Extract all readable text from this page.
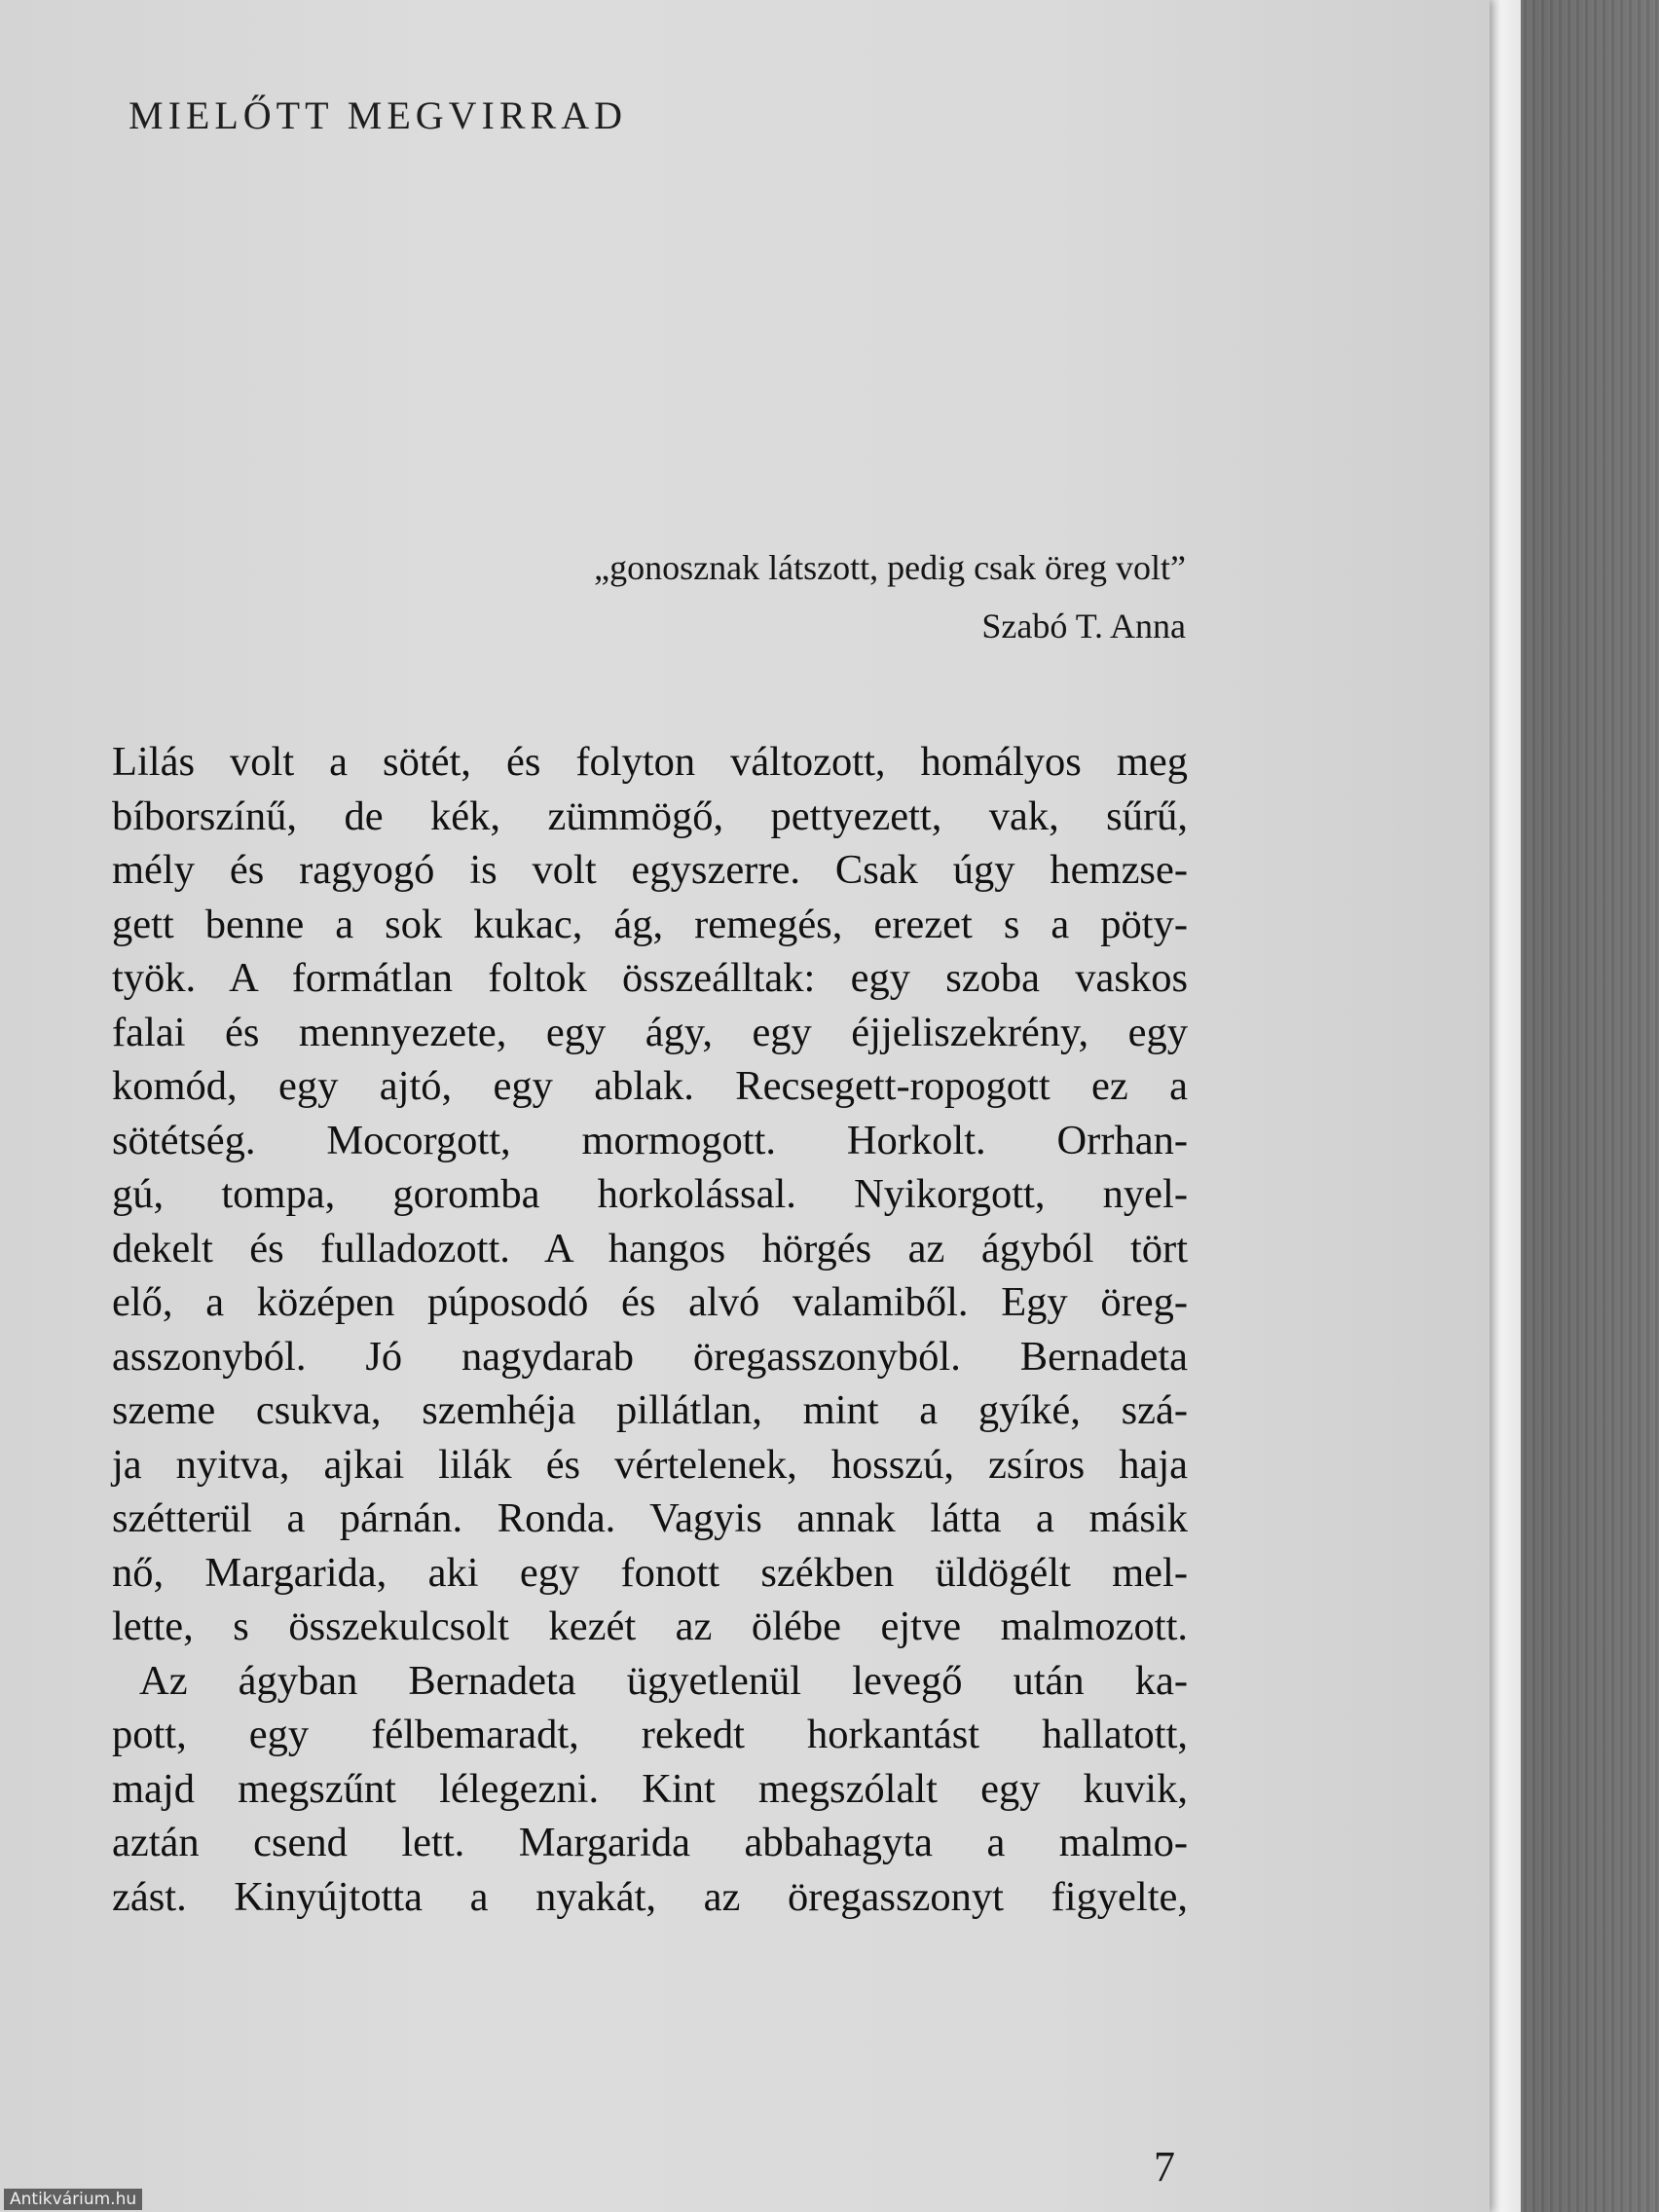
MIELŐTT MEGVIRRAD
„gonosznak látszott, pedig csak öreg volt”
Szabó T. Anna
Lilás volt a sötét, és folyton változott, homályos meg
bíborszínű, de kék, zümmögő, pettyezett, vak, sűrű,
mély és ragyogó is volt egyszerre. Csak úgy hemzse-
gett benne a sok kukac, ág, remegés, erezet s a pöty-
työk. A formátlan foltok összeálltak: egy szoba vaskos
falai és mennyezete, egy ágy, egy éjjeliszekrény, egy
komód, egy ajtó, egy ablak. Recsegett-ropogott ez a
sötétség. Mocorgott, mormogott. Horkolt. Orrhan-
gú, tompa, goromba horkolással. Nyikorgott, nyel-
dekelt és fulladozott. A hangos hörgés az ágyból tört
elő, a középen púposodó és alvó valamiből. Egy öreg-
asszonyból. Jó nagydarab öregasszonyból. Bernadeta
szeme csukva, szemhéja pillátlan, mint a gyíké, szá-
ja nyitva, ajkai lilák és vértelenek, hosszú, zsíros haja
szétterül a párnán. Ronda. Vagyis annak látta a másik
nő, Margarida, aki egy fonott székben üldögélt mel-
lette, s összekulcsolt kezét az ölébe ejtve malmozott.
Az ágyban Bernadeta ügyetlenül levegő után ka-
pott, egy félbemaradt, rekedt horkantást hallatott,
majd megszűnt lélegezni. Kint megszólalt egy kuvik,
aztán csend lett. Margarida abbahagyta a malmo-
zást. Kinyújtotta a nyakát, az öregasszonyt figyelte,
7
Antikvárium.hu
